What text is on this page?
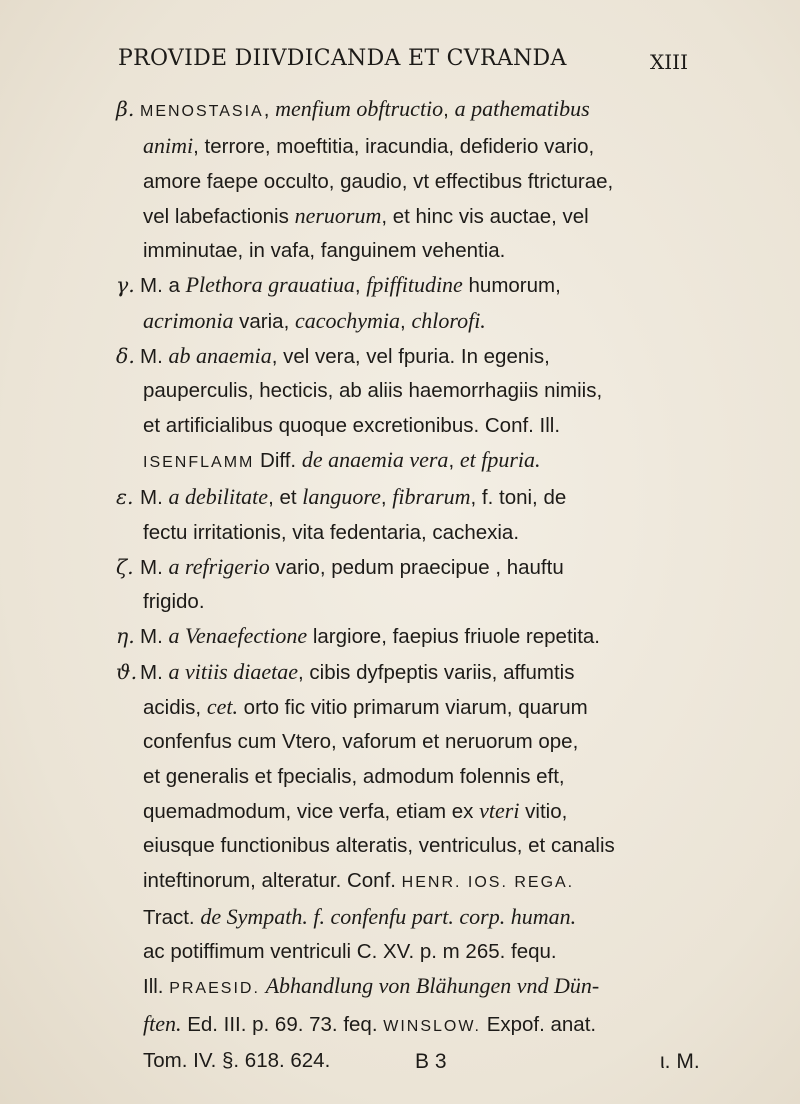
PROVIDE DIIVDICANDA ET CVRANDA	XIII
β. MENOSTASIA, menfium obftructio, a pathematibus
animi, terrore, moeftitia, iracundia, defiderio vario,
amore faepe occulto, gaudio, vt effectibus ftricturae,
vel labefactionis neruorum, et hinc vis auctae, vel
imminutae, in vafa, fanguinem vehentia.
γ. M. a Plethora grauatiua, fpiffitudine humorum,
acrimonia varia, cacochymia, chlorofi.
δ. M. ab anaemia, vel vera, vel fpuria. In egenis,
pauperculis, hecticis, ab aliis haemorrhagiis nimiis,
et artificialibus quoque excretionibus. Conf. Ill.
ISENFLAMM Diff. de anaemia vera, et fpuria.
ε. M. a debilitate, et languore, fibrarum, f. toni, de
fectu irritationis, vita fedentaria, cachexia.
ζ. M. a refrigerio vario, pedum praecipue , hauftu
frigido.
η. M. a Venaefectione largiore, faepius friuole repetita.
ϑ. M. a vitiis diaetae, cibis dyfpeptis variis, affumtis
acidis, cet. orto fic vitio primarum viarum, quarum
confenfus cum Vtero, vaforum et neruorum ope,
et generalis et fpecialis, admodum folennis eft,
quemadmodum, vice verfa, etiam ex vteri vitio,
eiusque functionibus alteratis, ventriculus, et canalis
inteftinorum, alteratur. Conf. HENR. IOS. REGA.
Tract. de Sympath. f. confenfu part. corp. human.
ac potiffimum ventriculi C. XV. p. m 265. fequ.
Ill. PRAESID. Abhandlung von Blähungen vnd Dün-
ften. Ed. III. p. 69. 73. feq. WINSLOW. Expof. anat.
Tom. IV. §. 618. 624.	B 3	ι. M.
